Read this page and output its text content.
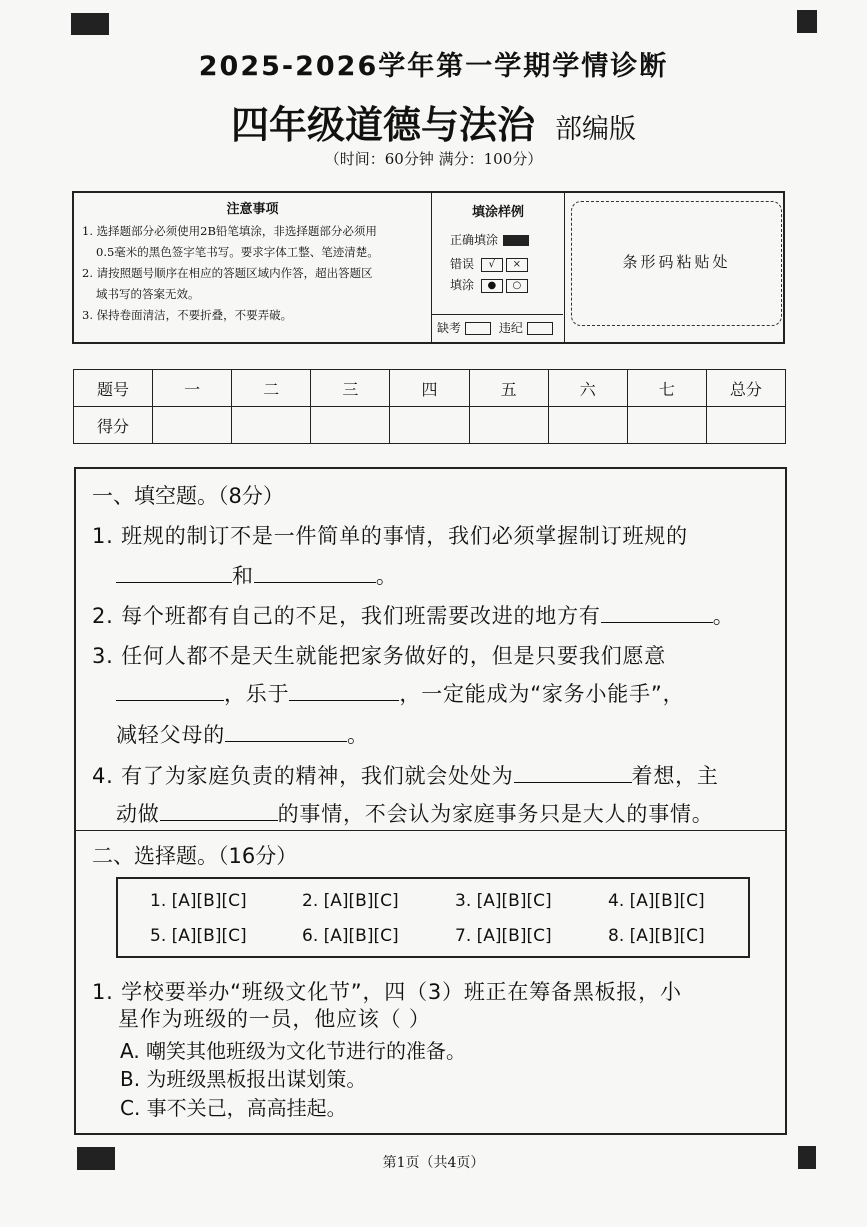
2025-2026学年第一学期学情诊断
四年级道德与法治 部编版
（时间：60分钟 满分：100分）
注意事项
1. 选择题部分必须使用2B铅笔填涂，非选择题部分必须用
0.5毫米的黑色签字笔书写。要求字体工整、笔迹清楚。
2. 请按照题号顺序在相应的答题区域内作答，超出答题区
域书写的答案无效。
3. 保持卷面清洁，不要折叠，不要弄破。
填涂样例
正确填涂
错误 √ ×
填涂 ● ○
缺考	违纪
条形码粘贴处
题号	一	二	三	四	五	六	七	总分
得分								
一、填空题。（8分）
1. 班规的制订不是一件简单的事情，我们必须掌握制订班规的
和	。
2. 每个班都有自己的不足，我们班需要改进的地方有	。
3. 任何人都不是天生就能把家务做好的，但是只要我们愿意
，乐于	，一定能成为“家务小能手”，
减轻父母的	。
4. 有了为家庭负责的精神，我们就会处处为	着想，主
动做	的事情，不会认为家庭事务只是大人的事情。
二、选择题。（16分）
1. [A][B][C]	2. [A][B][C]	3. [A][B][C]	4. [A][B][C]
5. [A][B][C]	6. [A][B][C]	7. [A][B][C]	8. [A][B][C]
1. 学校要举办“班级文化节”，四（3）班正在筹备黑板报，小
星作为班级的一员，他应该（ ）
A. 嘲笑其他班级为文化节进行的准备。
B. 为班级黑板报出谋划策。
C. 事不关己，高高挂起。
第1页（共4页）
